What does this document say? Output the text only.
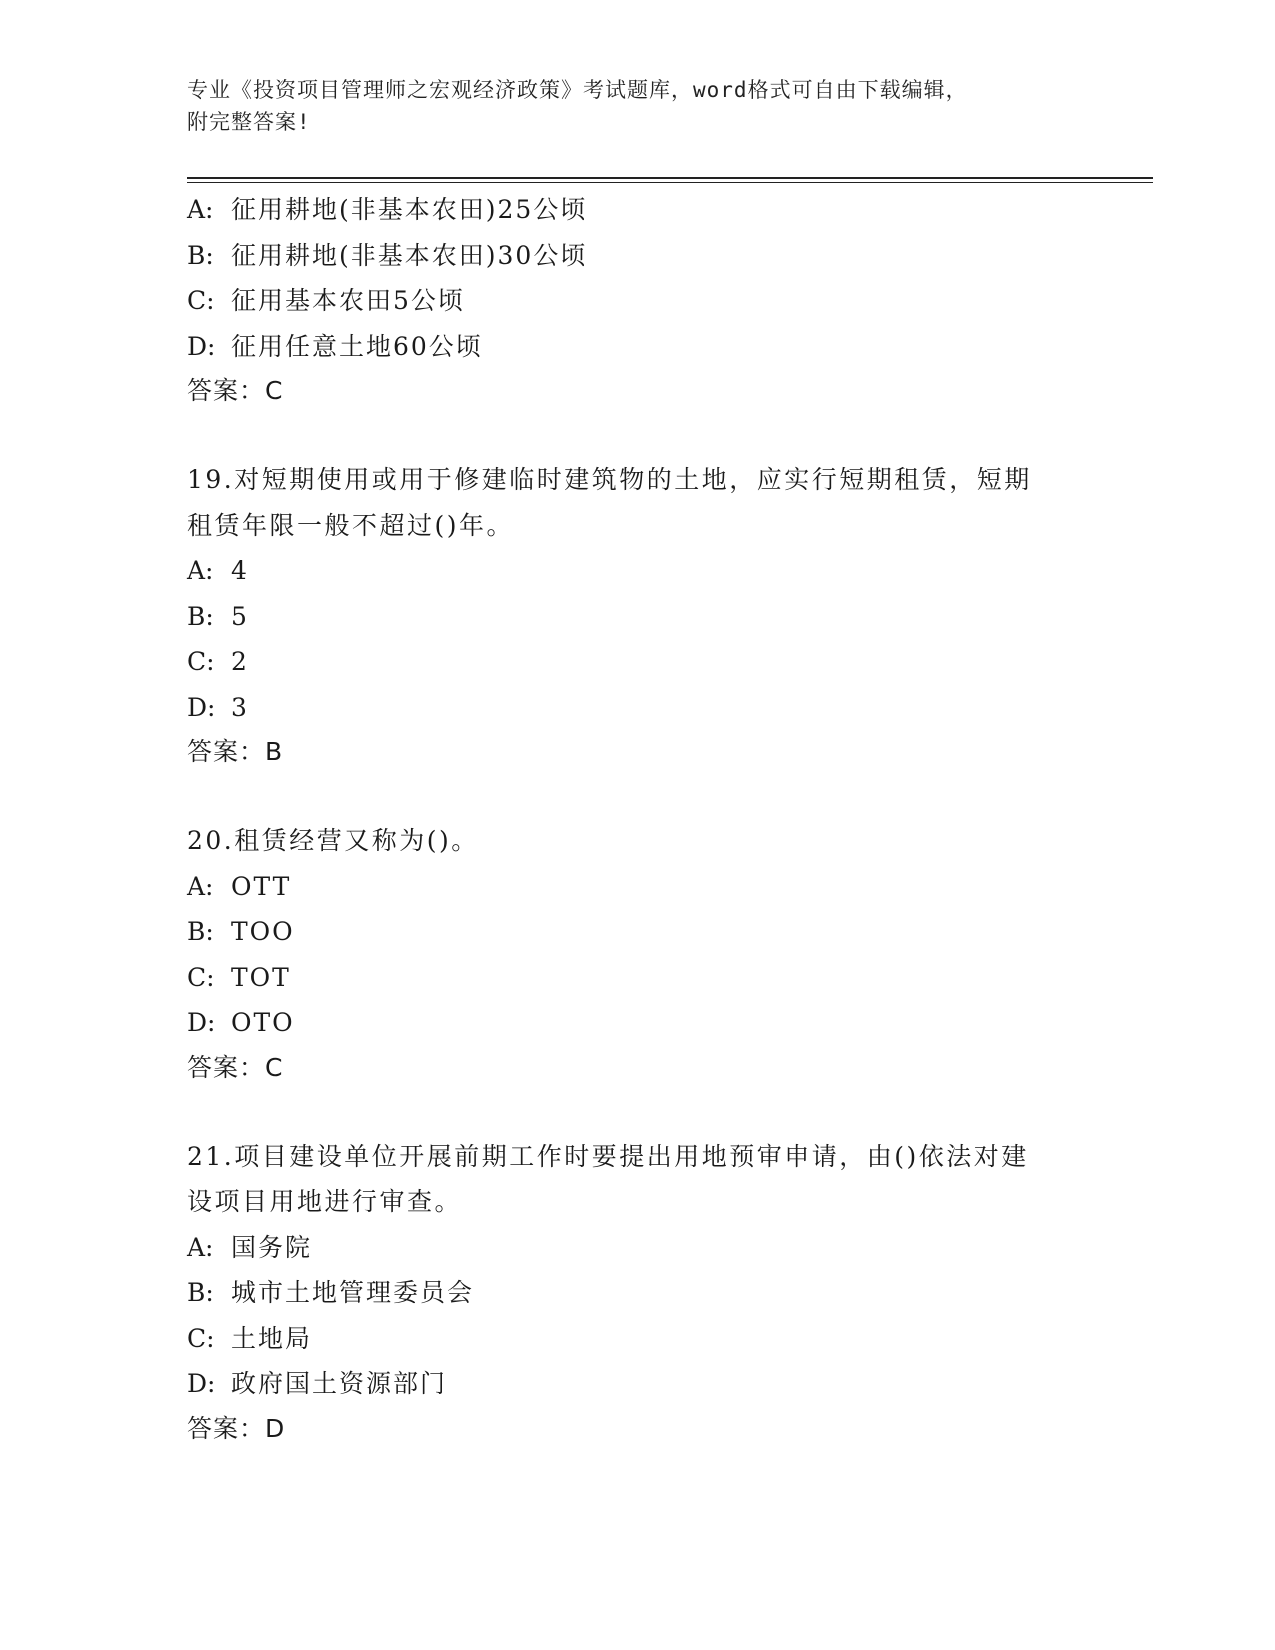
专业《投资项目管理师之宏观经济政策》考试题库，word格式可自由下载编辑，
附完整答案!
A: 征用耕地(非基本农田)25公顷
B: 征用耕地(非基本农田)30公顷
C: 征用基本农田5公顷
D: 征用任意土地60公顷
答案：C
19.对短期使用或用于修建临时建筑物的土地，应实行短期租赁，短期
租赁年限一般不超过()年。
A: 4
B: 5
C: 2
D: 3
答案：B
20.租赁经营又称为()。
A: OTT
B: TOO
C: TOT
D: OTO
答案：C
21.项目建设单位开展前期工作时要提出用地预审申请，由()依法对建
设项目用地进行审查。
A: 国务院
B: 城市土地管理委员会
C: 土地局
D: 政府国土资源部门
答案：D
